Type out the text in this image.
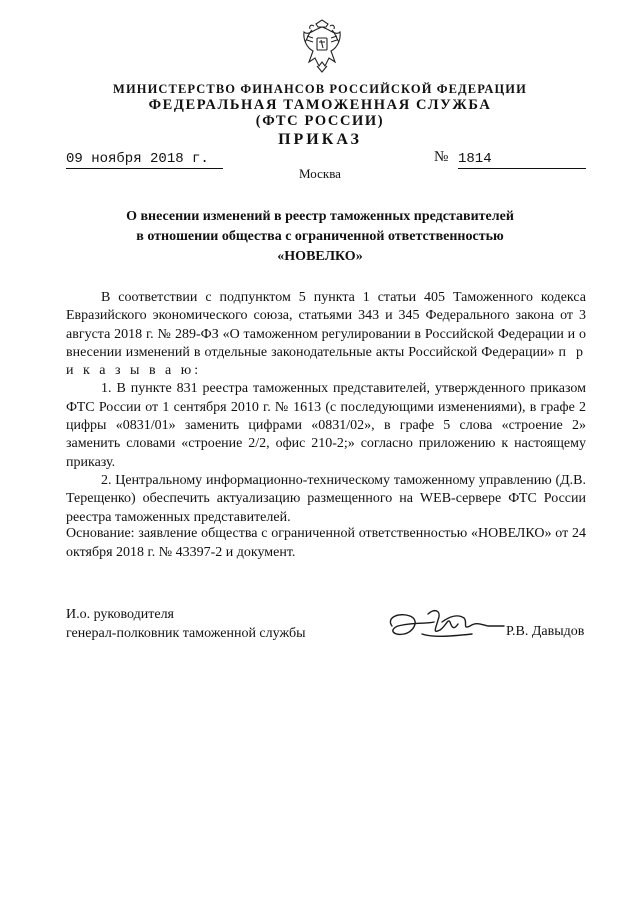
МИНИСТЕРСТВО ФИНАНСОВ РОССИЙСКОЙ ФЕДЕРАЦИИ
ФЕДЕРАЛЬНАЯ ТАМОЖЕННАЯ СЛУЖБА
(ФТС РОССИИ)
ПРИКАЗ
09 ноября 2018 г.	№ 1814
Москва
О внесении изменений в реестр таможенных представителей
в отношении общества с ограниченной ответственностью
«НОВЕЛКО»

В соответствии с подпунктом 5 пункта 1 статьи 405 Таможенного кодекса Евразийского экономического союза, статьями 343 и 345 Федерального закона от 3 августа 2018 г. № 289-ФЗ «О таможенном регулировании в Российской Федерации и о внесении изменений в отдельные законодательные акты Российской Федерации» п р и к а з ы в а ю:

1. В пункте 831 реестра таможенных представителей, утвержденного приказом ФТС России от 1 сентября 2010 г. № 1613 (с последующими изменениями), в графе 2 цифры «0831/01» заменить цифрами «0831/02», в графе 5 слова «строение 2» заменить словами «строение 2/2, офис 210-2;» согласно приложению к настоящему приказу.

2. Центральному информационно-техническому таможенному управлению (Д.В. Терещенко) обеспечить актуализацию размещенного на WEB-сервере ФТС России реестра таможенных представителей.

Основание: заявление общества с ограниченной ответственностью «НОВЕЛКО» от 24 октября 2018 г. № 43397-2 и документ.
И.о. руководителя
генерал-полковник таможенной службы	Р.В. Давыдов
